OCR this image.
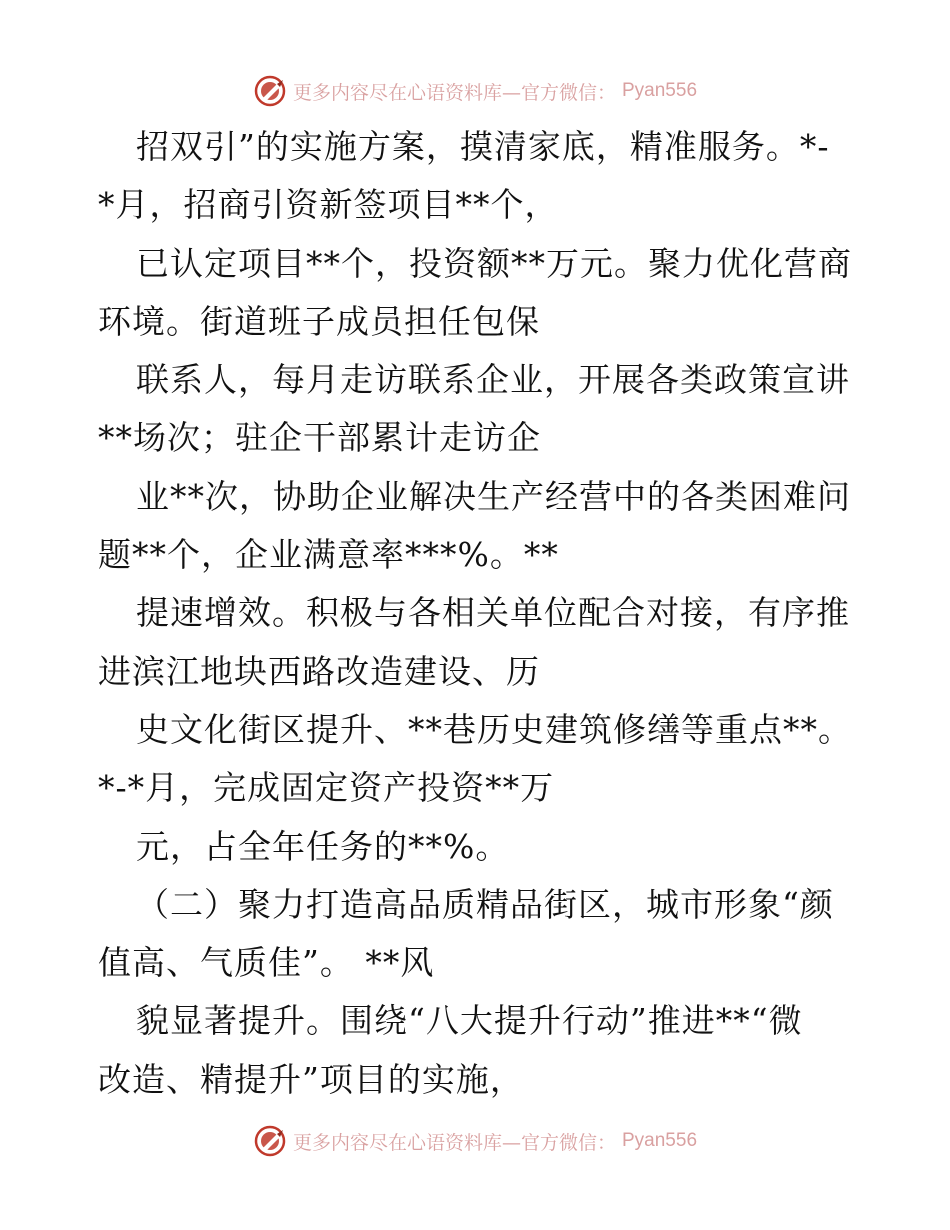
更多内容尽在心语资料库—官方微信： Pyan556
招双引”的实施方案，摸清家底，精准服务。*-
*月，招商引资新签项目**个，
已认定项目**个，投资额**万元。聚力优化营商
环境。街道班子成员担任包保
联系人，每月走访联系企业，开展各类政策宣讲
**场次；驻企干部累计走访企
业**次，协助企业解决生产经营中的各类困难问
题**个，企业满意率***%。**
提速增效。积极与各相关单位配合对接，有序推
进滨江地块西路改造建设、历
史文化街区提升、**巷历史建筑修缮等重点**。
*-*月，完成固定资产投资**万
元，占全年任务的**%。
（二）聚力打造高品质精品街区，城市形象“颜
值高、气质佳”。 **风
貌显著提升。围绕“八大提升行动”推进**“微
改造、精提升”项目的实施，
更多内容尽在心语资料库—官方微信： Pyan556
